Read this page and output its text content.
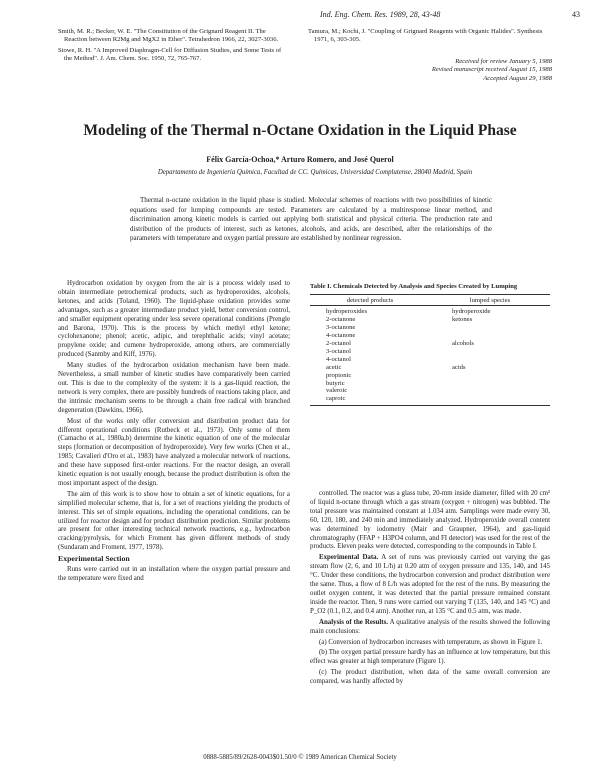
Ind. Eng. Chem. Res. 1989, 28, 43-48	43

Smith, M. R.; Becker, W. E. "The Constitution of the Grignard Reagent II. The Reaction between R2Mg and MgX2 in Ether". Tetrahedron 1966, 22, 3027-3036.

Stowe, R. H. "A Improved Diaphragm-Cell for Diffusion Studies, and Some Tests of the Method". J. Am. Chem. Soc. 1950, 72, 765-767.

Tamura, M.; Kochi, J. "Coupling of Grignard Reagents with Organic Halides". Synthesis 1971, 6, 303-305.

Received for review January 5, 1988
Revised manuscript received August 15, 1988
Accepted August 29, 1988
Modeling of the Thermal n-Octane Oxidation in the Liquid Phase
Félix García-Ochoa,* Arturo Romero, and José Querol
Departamento de Ingeniería Química, Facultad de CC. Químicas, Universidad Complutense, 28040 Madrid, Spain
Thermal n-octane oxidation in the liquid phase is studied. Molecular schemes of reactions with two possibilities of kinetic equations used for lumping compounds are tested. Parameters are calculated by a multiresponse linear method, and discrimination among kinetic models is carried out applying both statistical and physical criteria. The production rate and distribution of the products of interest, such as ketones, alcohols, and acids, are described, after the relationships of the parameters with temperature and oxygen partial pressure are established by nonlinear regression.

Hydrocarbon oxidation by oxygen from the air is a process widely used to obtain intermediate petrochemical products, such as hydroperoxides, alcohols, ketones, and acids (Toland, 1960). The liquid-phase oxidation provides some advantages, such as a greater intermediate product yield, better conversion control, and smaller equipment operating under less severe operational conditions (Prengle and Barona, 1970). This is the process by which methyl ethyl ketone; cyclohexanone; phenol; acetic, adipic, and terephthalic acids; vinyl acetate; propylene oxide; and cumene hydroperoxide, among others, are commercially produced (Sanmby and Kiff, 1976).

Many studies of the hydrocarbon oxidation mechanism have been made. Nevertheless, a small number of kinetic studies have comparatively been carried out. This is due to the complexity of the system: it is a gas-liquid reaction, the network is very complex, there are possibly hundreds of reactions taking place, and the intrinsic mechanism seems to be through a chain free radical with branched degeneration (Dawkins, 1966).

Most of the works only offer conversion and distribution product data for different operational conditions (Rutbeck et al., 1973). Only some of them (Camacho et al., 1980a,b) determine the kinetic equation of one of the molecular steps (formation or decomposition of hydroperoxide). Very few works (Chen et al., 1985; Cavalieri d'Oro et al., 1983) have analyzed a molecular network of reactions, and these have supposed first-order reactions. For the reactor design, an overall kinetic equation is not usually enough, because the product distribution is often the most important aspect of the design.

The aim of this work is to show how to obtain a set of kinetic equations, for a simplified molecular scheme, that is, for a set of reactions yielding the products of interest. This set of simple equations, including the operational conditions, can be utilized for reactor design and for product distribution prediction. Similar problems are present for other interesting technical network reactions, e.g., hydrocarbon cracking/pyrolysis, for which Froment has given different methods of study (Sundaram and Froment, 1977, 1978).

Experimental Section

Runs were carried out in an installation where the oxygen partial pressure and the temperature were fixed and

Table I. Chemicals Detected by Analysis and Species Created by Lumping
detected products	lumped species
hydroperoxides
2-octanone
3-octanone
4-octanone
2-octanol
3-octanol
4-octanol
acetic
propionic
butyric
valeroic
caproic
hydroperoxide
ketones

alcohols

acids

controlled. The reactor was a glass tube, 20-mm inside diameter, filled with 20 cm³ of liquid n-octane through which a gas stream (oxygen + nitrogen) was bubbled. The total pressure was maintained constant at 1.034 atm. Samplings were made every 30, 60, 120, 180, and 240 min and immediately analyzed. Hydroperoxide overall content was determined by iodometry (Mair and Graupner, 1964), and gas-liquid chromatography (FFAP + H3PO4 column, and FI detector) was used for the rest of the products. Eleven peaks were detected, corresponding to the compounds in Table I.

Experimental Data. A set of runs was previously carried out varying the gas stream flow (2, 6, and 10 L/h) at 0.20 atm of oxygen pressure and 135, 140, and 145 °C. Under these conditions, the hydrocarbon conversion and product distribution were the same. Thus, a flow of 8 L/h was adopted for the rest of the runs. By measuring the outlet oxygen content, it was detected that the partial pressure remained constant inside the reactor. Then, 9 runs were carried out varying T (135, 140, and 145 °C) and P_O2 (0.1, 0.2, and 0.4 atm). Another run, at 135 °C and 0.5 atm, was made.

Analysis of the Results. A qualitative analysis of the results showed the following main conclusions:

(a) Conversion of hydrocarbon increases with temperature, as shown in Figure 1.

(b) The oxygen partial pressure hardly has an influence at low temperature, but this effect was greater at high temperature (Figure 1).

(c) The product distribution, when data of the same overall conversion are compared, was hardly affected by

0888-5885/89/2628-0043$01.50/0 © 1989 American Chemical Society
